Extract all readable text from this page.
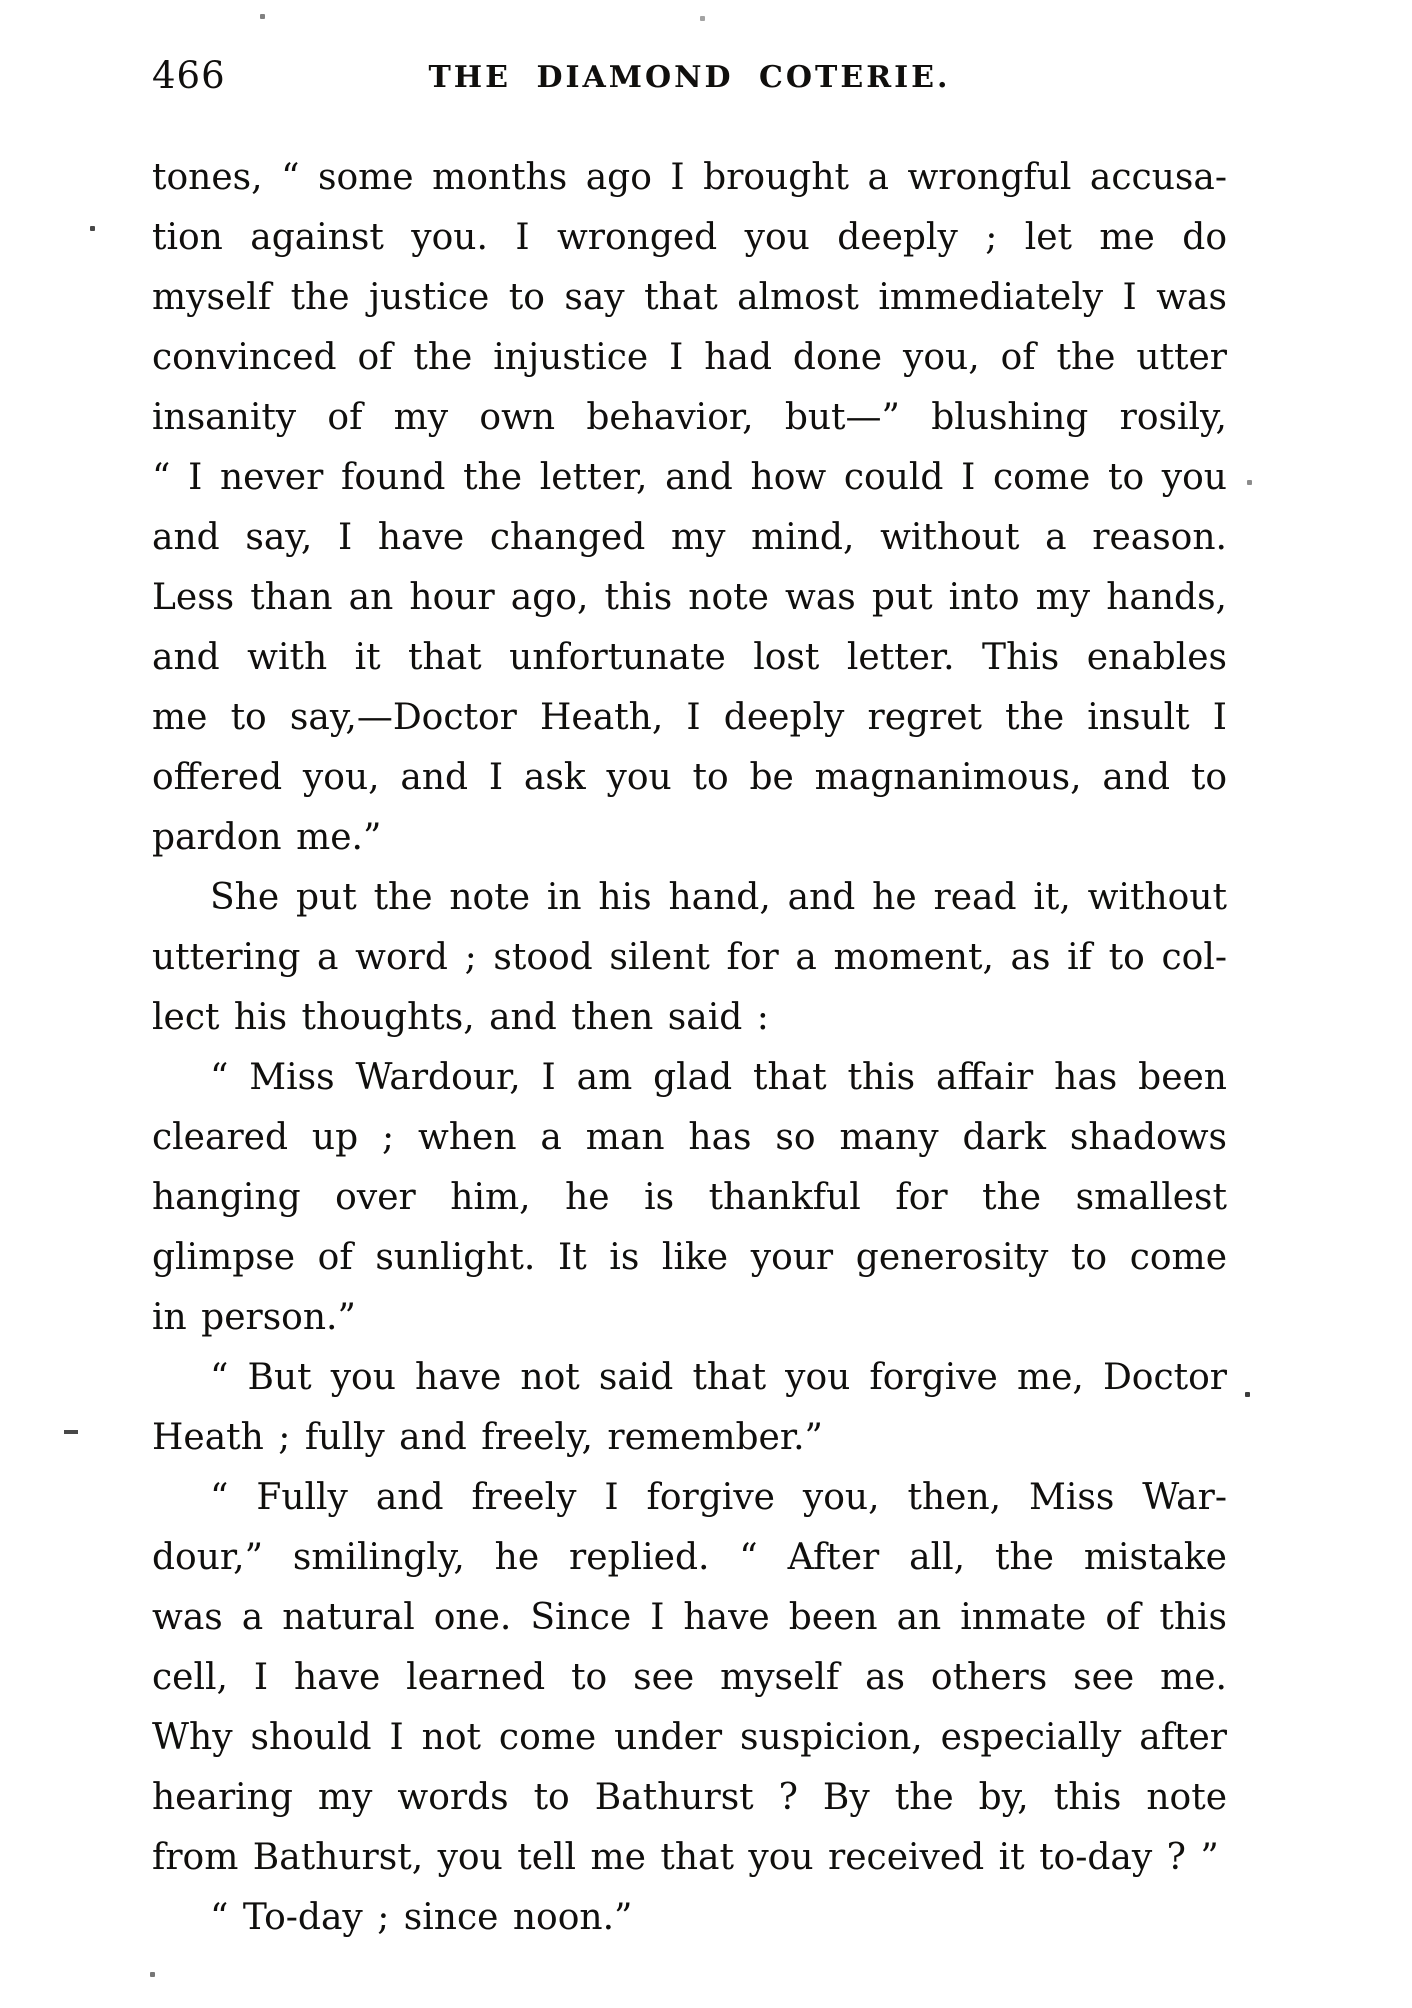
466	THE DIAMOND COTERIE.
tones, “ some months ago I brought a wrongful accusa-
tion against you. I wronged you deeply ; let me do
myself the justice to say that almost immediately I was
convinced of the injustice I had done you, of the utter
insanity of my own behavior, but—” blushing rosily,
“ I never found the letter, and how could I come to you
and say, I have changed my mind, without a reason.
Less than an hour ago, this note was put into my hands,
and with it that unfortunate lost letter. This enables
me to say,—Doctor Heath, I deeply regret the insult I
offered you, and I ask you to be magnanimous, and to
pardon me.”
She put the note in his hand, and he read it, without
uttering a word ; stood silent for a moment, as if to col-
lect his thoughts, and then said :
“ Miss Wardour, I am glad that this affair has been
cleared up ; when a man has so many dark shadows
hanging over him, he is thankful for the smallest
glimpse of sunlight. It is like your generosity to come
in person.”
“ But you have not said that you forgive me, Doctor
Heath ; fully and freely, remember.”
“ Fully and freely I forgive you, then, Miss War-
dour,” smilingly, he replied. “ After all, the mistake
was a natural one. Since I have been an inmate of this
cell, I have learned to see myself as others see me.
Why should I not come under suspicion, especially after
hearing my words to Bathurst ? By the by, this note
from Bathurst, you tell me that you received it to-day ? ”
“ To-day ; since noon.”
